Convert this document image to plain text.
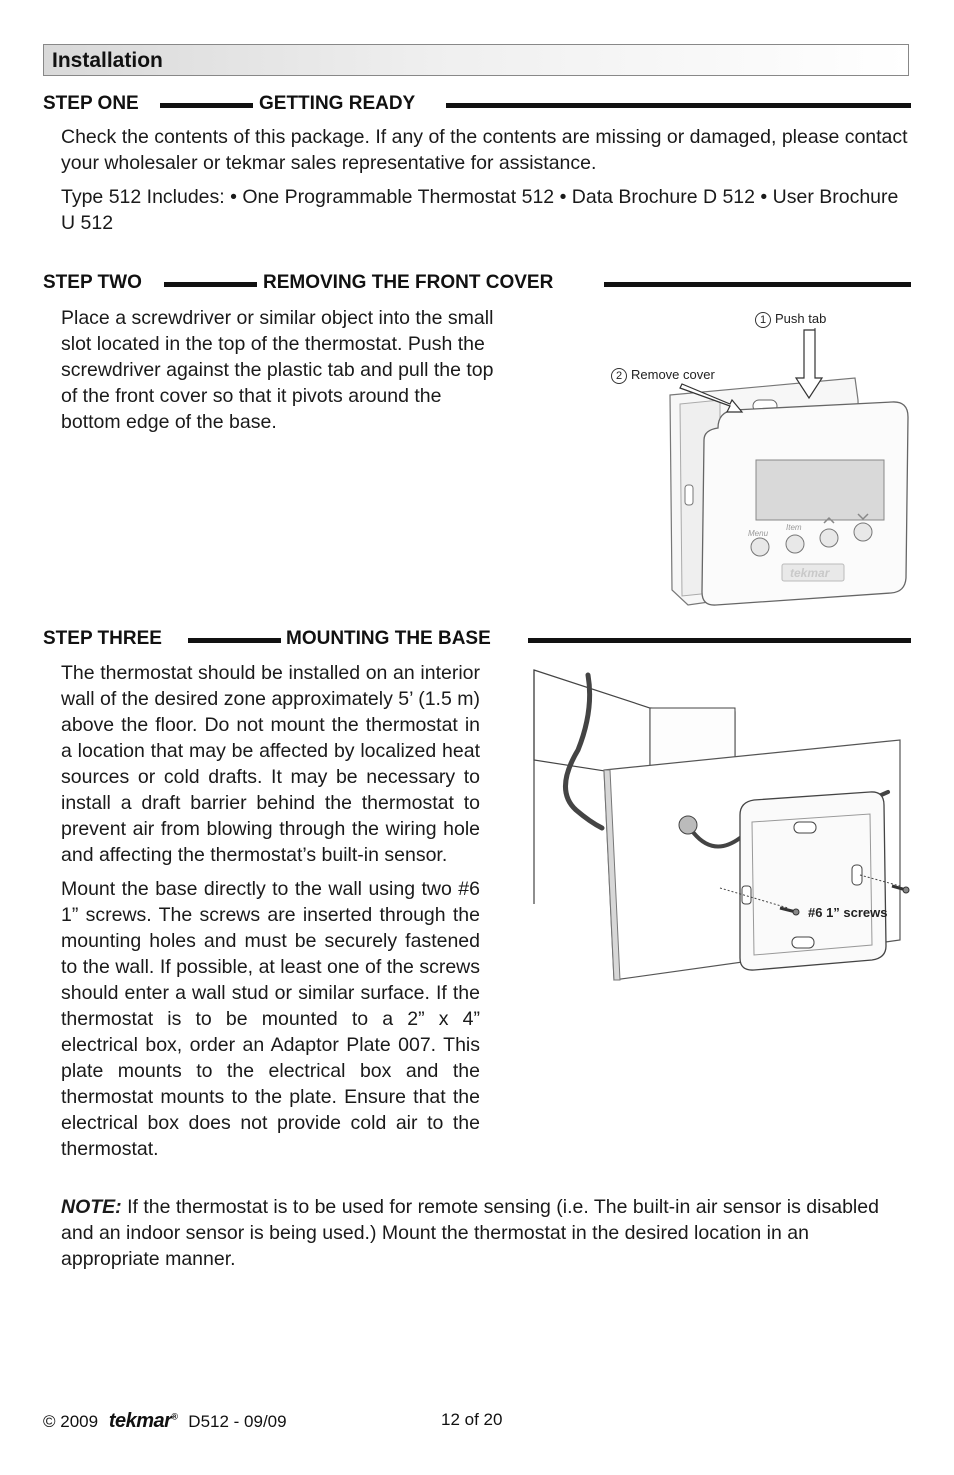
Installation
STEP ONE	GETTING READY

Check the contents of this package. If any of the contents are missing or damaged, please contact your wholesaler or tekmar sales representative for assistance.

Type 512 Includes: • One Programmable Thermostat 512 • Data Brochure D 512 • User Brochure U 512

STEP TWO	REMOVING THE FRONT COVER

Place a screwdriver or similar object into the small slot located in the top of the thermostat. Push the screwdriver against the plastic tab and pull the top of the front cover so that it pivots around the bottom edge of the base.

Menu
Item
tekmar
1 Push tab
2 Remove cover
STEP THREE	MOUNTING THE BASE

The thermostat should be installed on an interior wall of the desired zone approximately 5’ (1.5 m) above the floor. Do not mount the thermostat in a location that may be affected by localized heat sources or cold drafts. It may be necessary to install a draft barrier behind the thermostat to prevent air from blowing through the wiring hole and affecting the thermostat’s built-in sensor.

Mount the base directly to the wall using two #6 1” screws. The screws are inserted through the mounting holes and must be securely fastened to the wall. If possible, at least one of the screws should enter a wall stud or similar surface. If the thermostat is to be mounted to a 2” x 4” electrical box, order an Adaptor Plate 007. This plate mounts to the electrical box and the thermostat mounts to the plate. Ensure that the electrical box does not provide cold air to the thermostat.

#6 1” screws

NOTE: If the thermostat is to be used for remote sensing (i.e. The built-in air sensor is disabled and an indoor sensor is being used.) Mount the thermostat in the desired location in an appropriate manner.

© 2009 tekmar® D512 - 09/09	12 of 20
